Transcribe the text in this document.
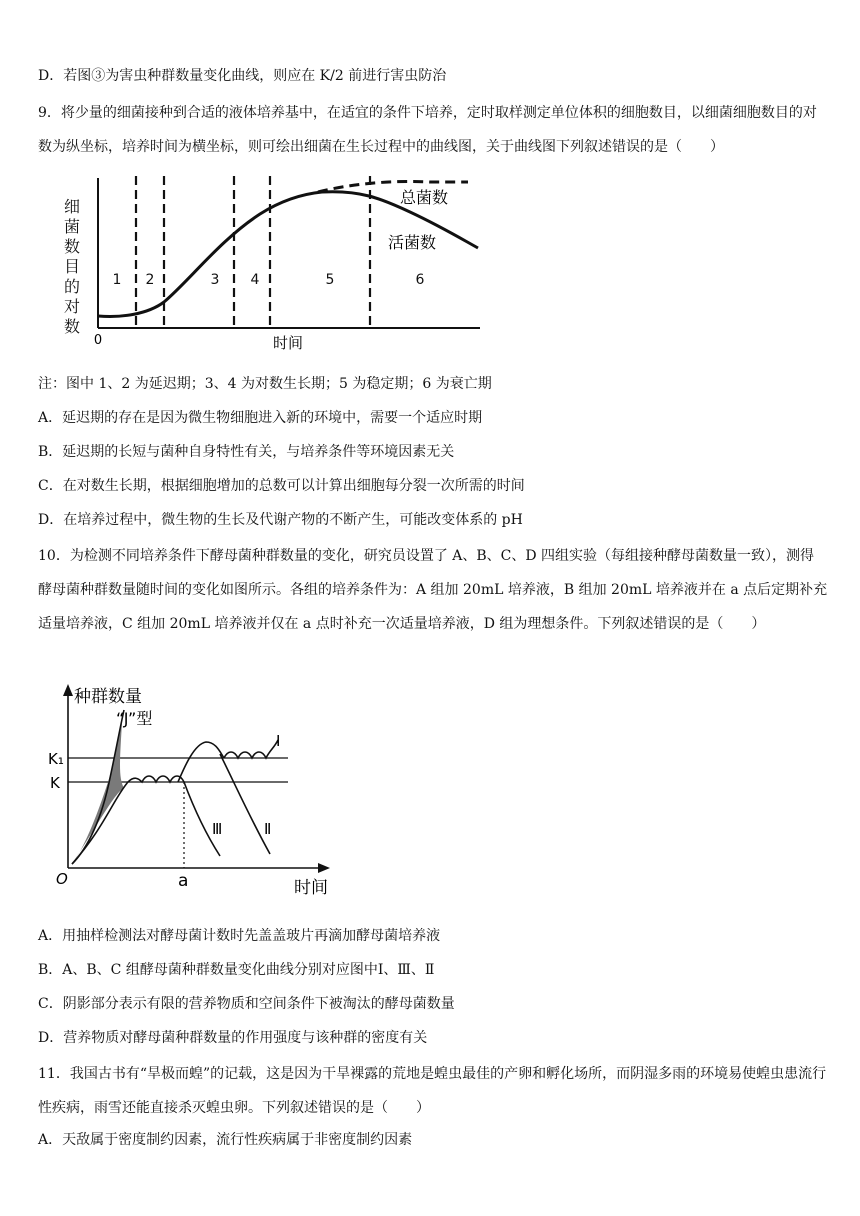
D．若图③为害虫种群数量变化曲线，则应在 K/2 前进行害虫防治
9．将少量的细菌接种到合适的液体培养基中，在适宜的条件下培养，定时取样测定单位体积的细胞数目，以细菌细胞数目的对数为纵坐标，培养时间为横坐标，则可绘出细菌在生长过程中的曲线图，关于曲线图下列叙述错误的是（　　）
细
菌
数
目
的
对
数
0	时间
1 2	3 4	5	6
总菌数
活菌数
注：图中 1、2 为延迟期；3、4 为对数生长期；5 为稳定期；6 为衰亡期
A．延迟期的存在是因为微生物细胞进入新的环境中，需要一个适应时期
B．延迟期的长短与菌种自身特性有关，与培养条件等环境因素无关
C．在对数生长期，根据细胞增加的总数可以计算出细胞每分裂一次所需的时间
D．在培养过程中，微生物的生长及代谢产物的不断产生，可能改变体系的 pH
10．为检测不同培养条件下酵母菌种群数量的变化，研究员设置了 A、B、C、D 四组实验（每组接种酵母菌数量一致），测得酵母菌种群数量随时间的变化如图所示。各组的培养条件为：A 组加 20mL 培养液，B 组加 20mL 培养液并在 a 点后定期补充适量培养液，C 组加 20mL 培养液并仅在 a 点时补充一次适量培养液，D 组为理想条件。下列叙述错误的是（　　）
种群数量
时间
O
K₁
K
“J”型
a
Ⅰ
Ⅱ
Ⅲ
A．用抽样检测法对酵母菌计数时先盖盖玻片再滴加酵母菌培养液
B．A、B、C 组酵母菌种群数量变化曲线分别对应图中Ⅰ、Ⅲ、Ⅱ
C．阴影部分表示有限的营养物质和空间条件下被淘汰的酵母菌数量
D．营养物质对酵母菌种群数量的作用强度与该种群的密度有关
11．我国古书有“旱极而蝗”的记载，这是因为干旱裸露的荒地是蝗虫最佳的产卵和孵化场所，而阴湿多雨的环境易使蝗虫患流行性疾病，雨雪还能直接杀灭蝗虫卵。下列叙述错误的是（　　）
A．天敌属于密度制约因素，流行性疾病属于非密度制约因素
